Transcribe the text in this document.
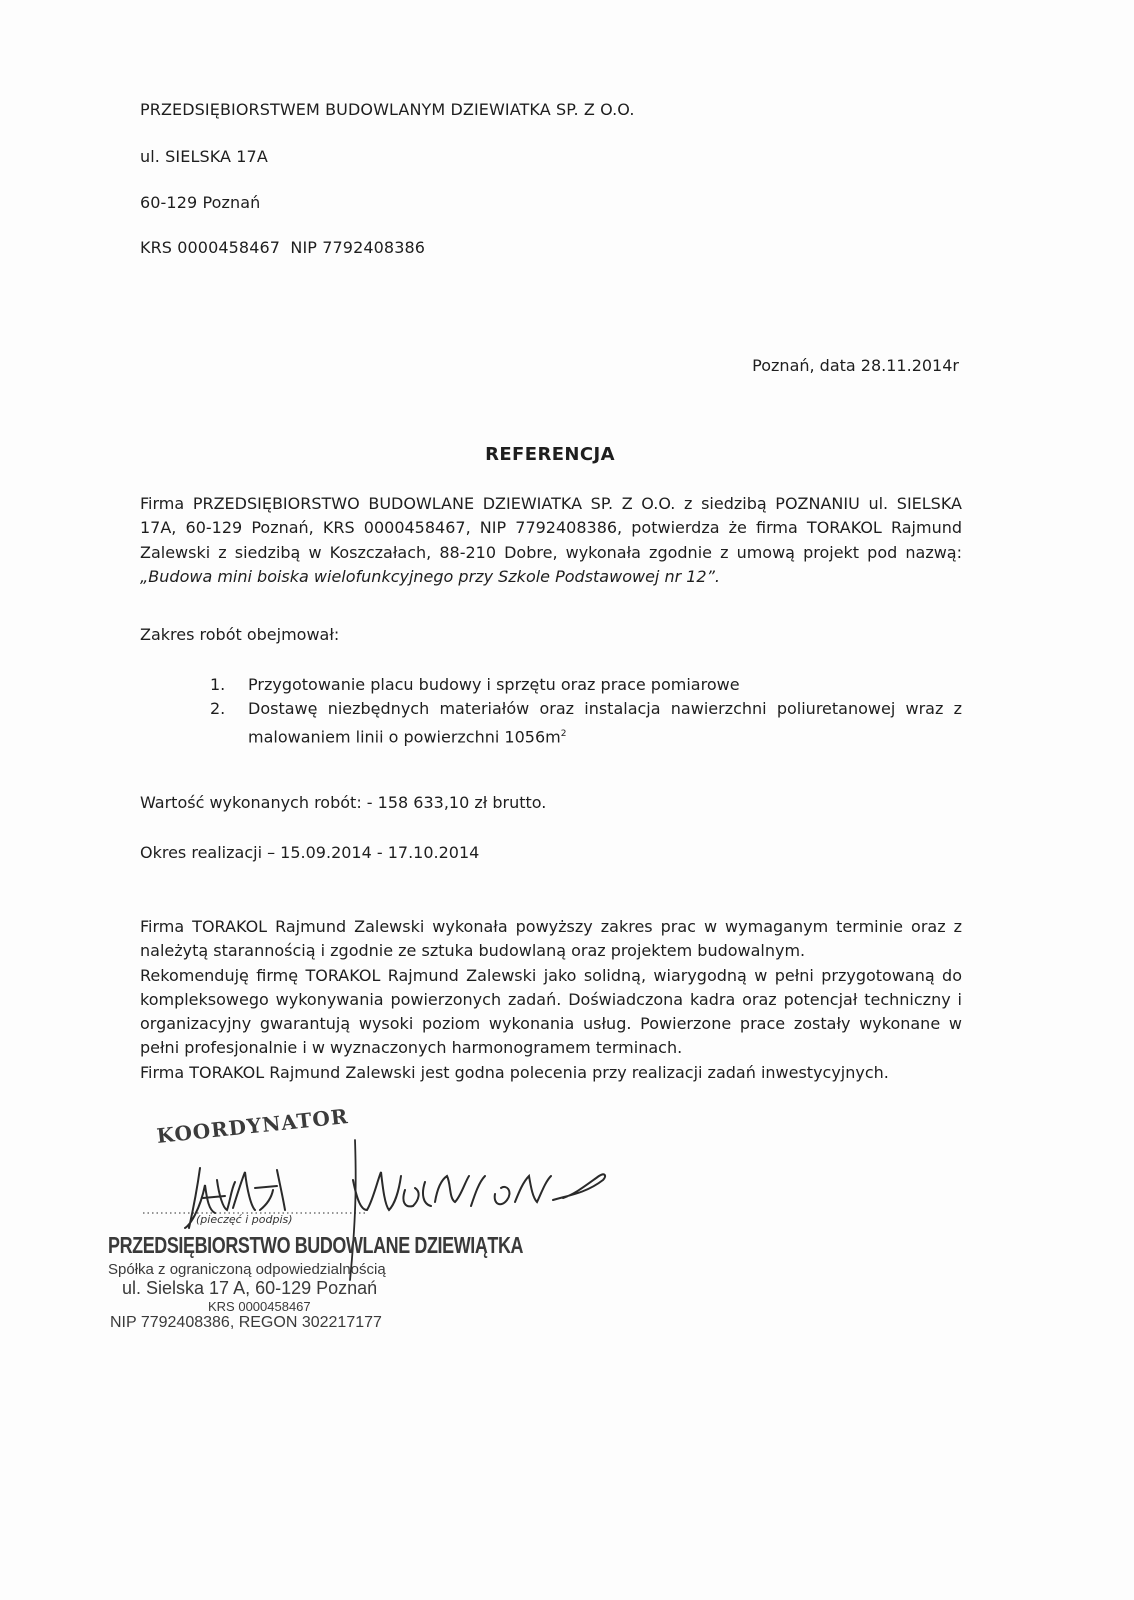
PRZEDSIĘBIORSTWEM BUDOWLANYM DZIEWIATKA SP. Z O.O.
ul. SIELSKA 17A
60-129 Poznań
KRS 0000458467  NIP 7792408386
Poznań, data 28.11.2014r
REFERENCJA
Firma PRZEDSIĘBIORSTWO BUDOWLANE DZIEWIATKA SP. Z O.O. z siedzibą POZNANIU ul. SIELSKA 17A, 60-129 Poznań, KRS 0000458467, NIP 7792408386, potwierdza że firma TORAKOL Rajmund Zalewski z siedzibą w Koszczałach, 88-210 Dobre, wykonała zgodnie z umową projekt pod nazwą: „Budowa mini boiska wielofunkcyjnego przy Szkole Podstawowej nr 12”.
Zakres robót obejmował:
1.	Przygotowanie placu budowy i sprzętu oraz prace pomiarowe
2.	Dostawę niezbędnych materiałów oraz instalacja nawierzchni poliuretanowej wraz z malowaniem linii o powierzchni $1056m^2$
Wartość wykonanych robót: - 158 633,10 zł brutto.
Okres realizacji – 15.09.2014 - 17.10.2014
Firma TORAKOL Rajmund Zalewski wykonała powyższy zakres prac w wymaganym terminie oraz z należytą starannością i zgodnie ze sztuka budowlaną oraz projektem budowalnym.
Rekomenduję firmę TORAKOL Rajmund Zalewski jako solidną, wiarygodną w pełni przygotowaną do kompleksowego wykonywania powierzonych zadań. Doświadczona kadra oraz potencjał techniczny i organizacyjny gwarantują wysoki poziom wykonania usług. Powierzone prace zostały wykonane w pełni profesjonalnie i w wyznaczonych harmonogramem terminach.
Firma TORAKOL Rajmund Zalewski jest godna polecenia przy realizacji zadań inwestycyjnych.
KOORDYNATOR
(pieczęć i podpis)
PRZEDSIĘBIORSTWO BUDOWLANE DZIEWIĄTKA
Spółka z ograniczoną odpowiedzialnością
ul. Sielska 17 A, 60-129 Poznań
KRS 0000458467
NIP 7792408386, REGON 302217177
